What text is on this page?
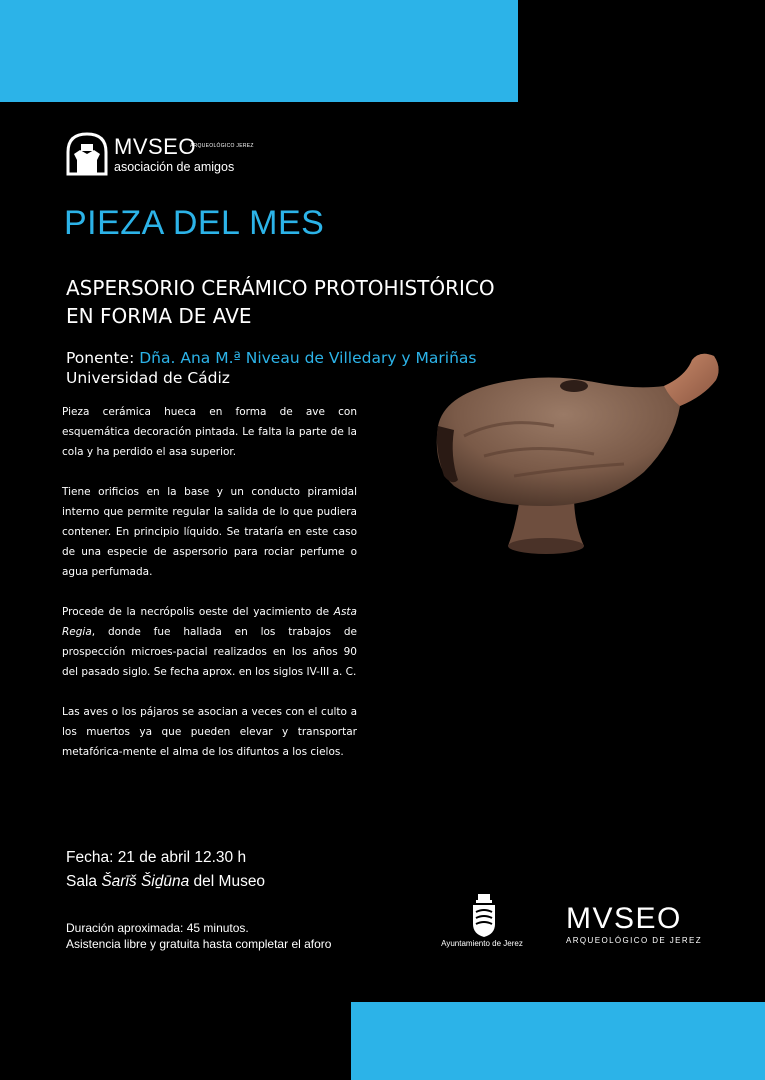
MVSEO
ARQUEOLÓGICO JEREZ
asociación de amigos
PIEZA DEL MES
ASPERSORIO CERÁMICO PROTOHISTÓRICO
EN FORMA DE AVE
Ponente: Dña. Ana M.ª Niveau de Villedary y Mariñas
Universidad de Cádiz

Pieza cerámica hueca en forma de ave con esquemática decoración pintada. Le falta la parte de la cola y ha perdido el asa superior.

Tiene orificios en la base y un conducto piramidal interno que permite regular la salida de lo que pudiera contener. En principio líquido. Se trataría en este caso de una especie de aspersorio para rociar perfume o agua perfumada.

Procede de la necrópolis oeste del yacimiento de Asta Regia, donde fue hallada en los trabajos de prospección microes-pacial realizados en los años 90 del pasado siglo. Se fecha aprox. en los siglos IV-III a. C.

Las aves o los pájaros se asocian a veces con el culto a los muertos ya que pueden elevar y transportar metafórica-mente el alma de los difuntos a los cielos.

Fecha: 21 de abril 12.30 h
Sala Šarīš Šiḏūna del Museo
Duración aproximada: 45 minutos.
Asistencia libre y gratuita hasta completar el aforo	Ayuntamiento de Jerez
MVSEO
ARQUEOLÓGICO DE JEREZ
